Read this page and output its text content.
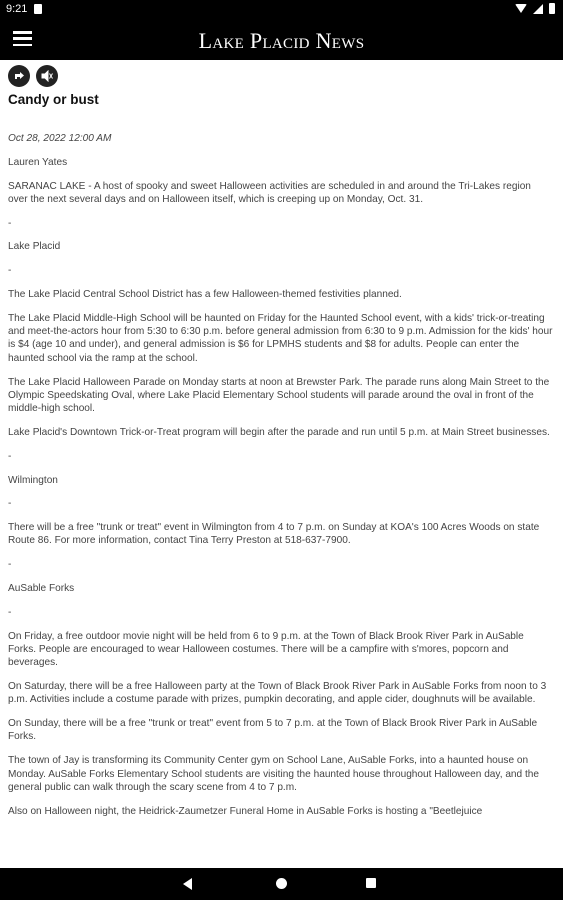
9:21
Lake Placid News
Candy or bust

Oct 28, 2022 12:00 AM

Lauren Yates

SARANAC LAKE - A host of spooky and sweet Halloween activities are scheduled in and around the Tri-Lakes region over the next several days and on Halloween itself, which is creeping up on Monday, Oct. 31.

-

Lake Placid

-

The Lake Placid Central School District has a few Halloween-themed festivities planned.

The Lake Placid Middle-High School will be haunted on Friday for the Haunted School event, with a kids' trick-or-treating and meet-the-actors hour from 5:30 to 6:30 p.m. before general admission from 6:30 to 9 p.m. Admission for the kids' hour is $4 (age 10 and under), and general admission is $6 for LPMHS students and $8 for adults. People can enter the haunted school via the ramp at the school.

The Lake Placid Halloween Parade on Monday starts at noon at Brewster Park. The parade runs along Main Street to the Olympic Speedskating Oval, where Lake Placid Elementary School students will parade around the oval in front of the middle-high school.

Lake Placid's Downtown Trick-or-Treat program will begin after the parade and run until 5 p.m. at Main Street businesses.

-

Wilmington

-

There will be a free "trunk or treat" event in Wilmington from 4 to 7 p.m. on Sunday at KOA's 100 Acres Woods on state Route 86. For more information, contact Tina Terry Preston at 518-637-7900.

-

AuSable Forks

-

On Friday, a free outdoor movie night will be held from 6 to 9 p.m. at the Town of Black Brook River Park in AuSable Forks. People are encouraged to wear Halloween costumes. There will be a campfire with s'mores, popcorn and beverages.

On Saturday, there will be a free Halloween party at the Town of Black Brook River Park in AuSable Forks from noon to 3 p.m. Activities include a costume parade with prizes, pumpkin decorating, and apple cider, doughnuts will be available.

On Sunday, there will be a free "trunk or treat" event from 5 to 7 p.m. at the Town of Black Brook River Park in AuSable Forks.

The town of Jay is transforming its Community Center gym on School Lane, AuSable Forks, into a haunted house on Monday. AuSable Forks Elementary School students are visiting the haunted house throughout Halloween day, and the general public can walk through the scary scene from 4 to 7 p.m.

Also on Halloween night, the Heidrick-Zaumetzer Funeral Home in AuSable Forks is hosting a "Beetlejuice
